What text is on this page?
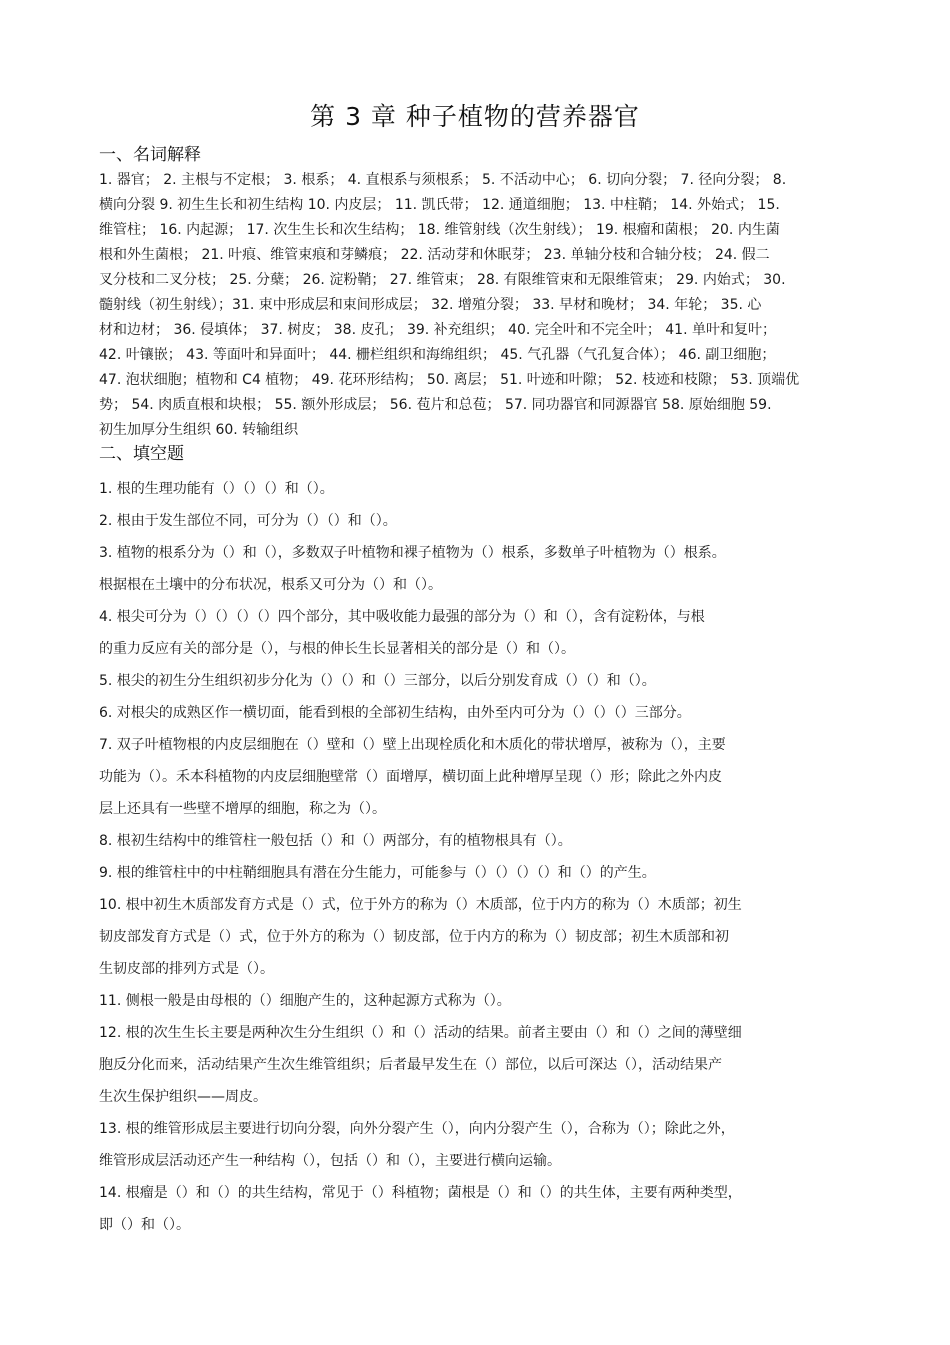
第 3 章 种子植物的营养器官
一、名词解释
1. 器官； 2. 主根与不定根； 3. 根系； 4. 直根系与须根系； 5. 不活动中心； 6. 切向分裂； 7. 径向分裂； 8.
横向分裂 9. 初生生长和初生结构 10. 内皮层； 11. 凯氏带； 12. 通道细胞； 13. 中柱鞘； 14. 外始式； 15.
维管柱； 16. 内起源； 17. 次生生长和次生结构； 18. 维管射线（次生射线）； 19. 根瘤和菌根； 20. 内生菌
根和外生菌根； 21. 叶痕、维管束痕和芽鳞痕； 22. 活动芽和休眠芽； 23. 单轴分枝和合轴分枝； 24. 假二
叉分枝和二叉分枝； 25. 分蘖； 26. 淀粉鞘； 27. 维管束； 28. 有限维管束和无限维管束； 29. 内始式； 30.
髓射线（初生射线）；31. 束中形成层和束间形成层； 32. 增殖分裂； 33. 早材和晚材； 34. 年轮； 35. 心
材和边材； 36. 侵填体； 37. 树皮； 38. 皮孔； 39. 补充组织； 40. 完全叶和不完全叶； 41. 单叶和复叶；
42. 叶镶嵌； 43. 等面叶和异面叶； 44. 栅栏组织和海绵组织； 45. 气孔器（气孔复合体）； 46. 副卫细胞；
47. 泡状细胞；植物和 C4 植物； 49. 花环形结构； 50. 离层； 51. 叶迹和叶隙； 52. 枝迹和枝隙； 53. 顶端优
势； 54. 肉质直根和块根； 55. 额外形成层； 56. 苞片和总苞； 57. 同功器官和同源器官 58. 原始细胞 59.
初生加厚分生组织 60. 转输组织
二、填空题
1. 根的生理功能有（）（）（）和（）。
2. 根由于发生部位不同，可分为（）（）和（）。
3. 植物的根系分为（）和（），多数双子叶植物和裸子植物为（）根系，多数单子叶植物为（）根系。
根据根在土壤中的分布状况，根系又可分为（）和（）。
4. 根尖可分为（）（）（）（）四个部分，其中吸收能力最强的部分为（）和（），含有淀粉体，与根
的重力反应有关的部分是（），与根的伸长生长显著相关的部分是（）和（）。
5. 根尖的初生分生组织初步分化为（）（）和（）三部分，以后分别发育成（）（）和（）。
6. 对根尖的成熟区作一横切面，能看到根的全部初生结构，由外至内可分为（）（）（）三部分。
7. 双子叶植物根的内皮层细胞在（）壁和（）壁上出现栓质化和木质化的带状增厚，被称为（），主要
功能为（）。禾本科植物的内皮层细胞壁常（）面增厚，横切面上此种增厚呈现（）形；除此之外内皮
层上还具有一些壁不增厚的细胞，称之为（）。
8. 根初生结构中的维管柱一般包括（）和（）两部分，有的植物根具有（）。
9. 根的维管柱中的中柱鞘细胞具有潜在分生能力，可能参与（）（）（）（）和（）的产生。
10. 根中初生木质部发育方式是（）式，位于外方的称为（）木质部，位于内方的称为（）木质部；初生
韧皮部发育方式是（）式，位于外方的称为（）韧皮部，位于内方的称为（）韧皮部；初生木质部和初
生韧皮部的排列方式是（）。
11. 侧根一般是由母根的（）细胞产生的，这种起源方式称为（）。
12. 根的次生生长主要是两种次生分生组织（）和（）活动的结果。前者主要由（）和（）之间的薄壁细
胞反分化而来，活动结果产生次生维管组织；后者最早发生在（）部位，以后可深达（），活动结果产
生次生保护组织——周皮。
13. 根的维管形成层主要进行切向分裂，向外分裂产生（），向内分裂产生（），合称为（）；除此之外，
维管形成层活动还产生一种结构（），包括（）和（），主要进行横向运输。
14. 根瘤是（）和（）的共生结构，常见于（）科植物；菌根是（）和（）的共生体，主要有两种类型，
即（）和（）。
